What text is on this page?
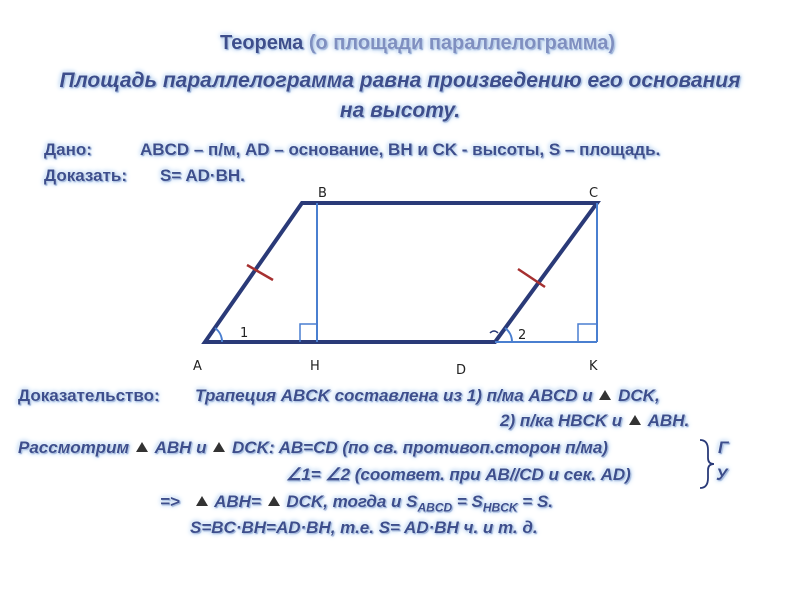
Теорема (о площади параллелограмма)
Площадь параллелограмма равна произведению его основания
на высоту.
Дано:	ABCD – п/м, AD – основание, BH и CK - высоты, S – площадь.
Доказать: S= AD·BH.
B	C
A	H	D	K
1	2
Доказательство: Трапеция ABCK составлена из 1) п/ма ABCD и DCK,
2) п/ка HBCK и ABH.
Рассмотрим ABH и DCK: AB=CD (по св. противоп.сторон п/ма)	Г
∠1= ∠2 (соответ. при AB//CD и сек. AD)	У
=> ABH= DCK, тогда и $S_{ABCD} = S_{HBCK} = S$.
S=BC·BH=AD·BH, т.е. S= AD·BH ч. и т. д.
